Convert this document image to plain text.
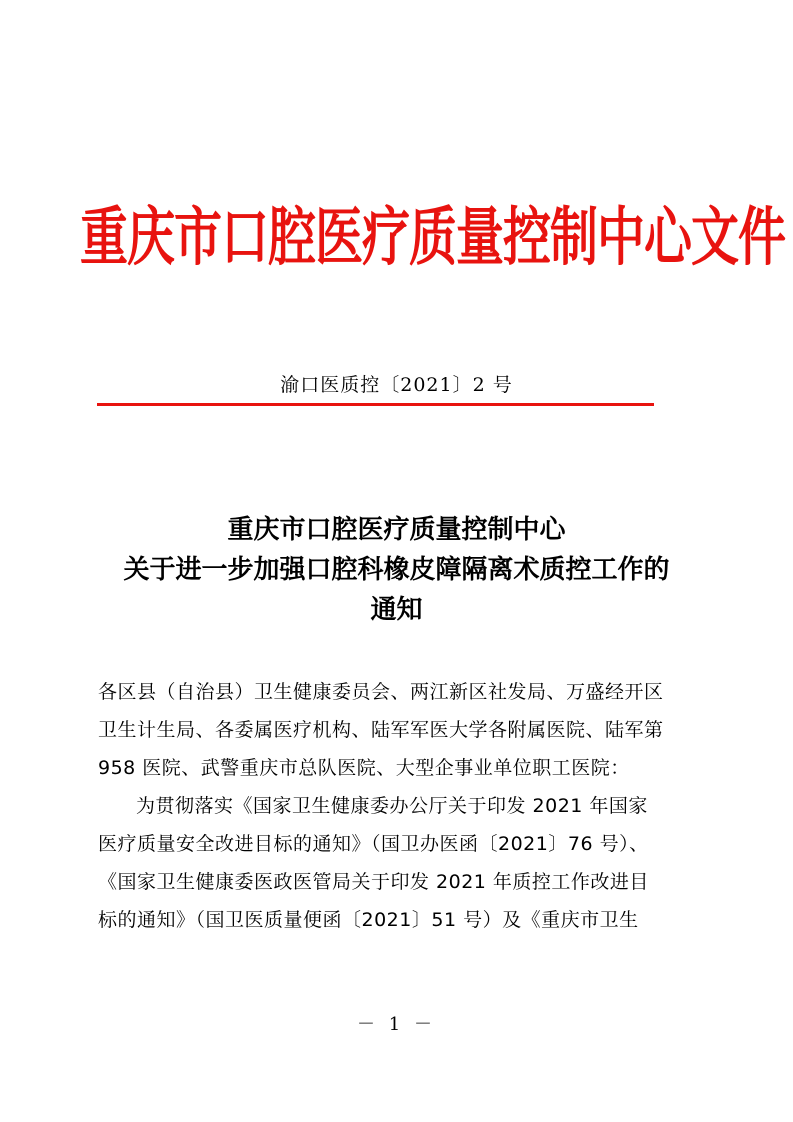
重庆市口腔医疗质量控制中心文件
渝口医质控〔2021〕2 号
重庆市口腔医疗质量控制中心
关于进一步加强口腔科橡皮障隔离术质控工作的
通知
各区县（自治县）卫生健康委员会、两江新区社发局、万盛经开区
卫生计生局、各委属医疗机构、陆军军医大学各附属医院、陆军第
958 医院、武警重庆市总队医院、大型企事业单位职工医院：
为贯彻落实《国家卫生健康委办公厅关于印发 2021 年国家
医疗质量安全改进目标的通知》（国卫办医函〔2021〕76 号）、
《国家卫生健康委医政医管局关于印发 2021 年质控工作改进目
标的通知》（国卫医质量便函〔2021〕51 号）及《重庆市卫生
－ 1 －
